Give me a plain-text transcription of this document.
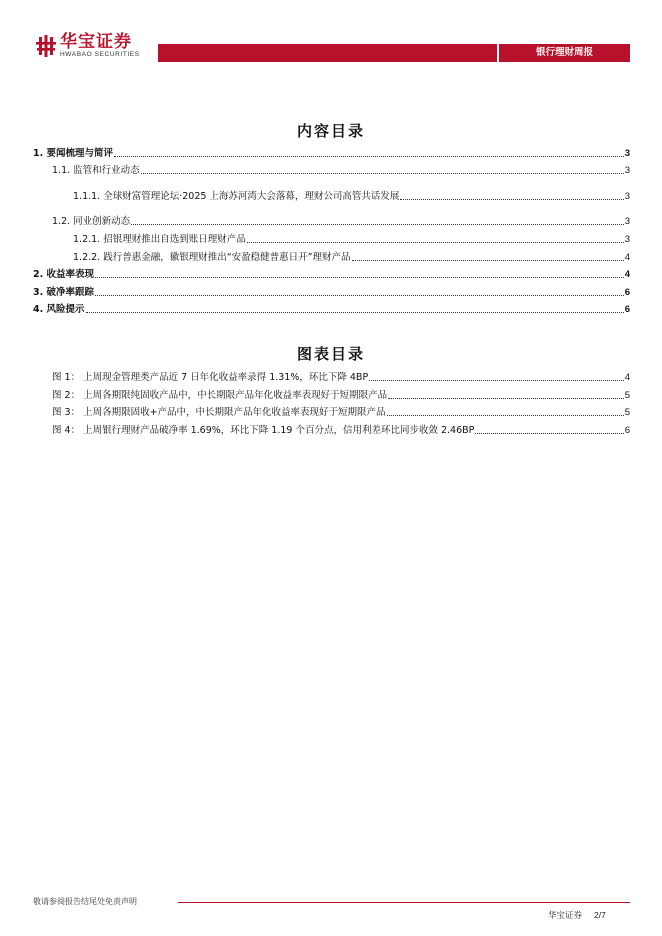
华宝证券
HWABAO SECURITIES	银行理财周报
内容目录
1. 要闻梳理与简评	3
1.1. 监管和行业动态	3
1.1.1. 全球财富管理论坛·2025 上海苏河湾大会落幕，理财公司高管共话发展	3
1.2. 同业创新动态	3
1.2.1. 招银理财推出自选到账日理财产品	3
1.2.2. 践行普惠金融，徽银理财推出“安盈稳健普惠日开”理财产品	4
2. 收益率表现	4
3. 破净率跟踪	6
4. 风险提示	6
图表目录
图 1： 上周现金管理类产品近 7 日年化收益率录得 1.31%，环比下降 4BP	4
图 2： 上周各期限纯固收产品中，中长期限产品年化收益率表现好于短期限产品	5
图 3： 上周各期限固收+产品中，中长期限产品年化收益率表现好于短期限产品	5
图 4： 上周银行理财产品破净率 1.69%，环比下降 1.19 个百分点，信用利差环比同步收敛 2.46BP	6
敬请参阅报告结尾处免责声明
华宝证券 2/7
